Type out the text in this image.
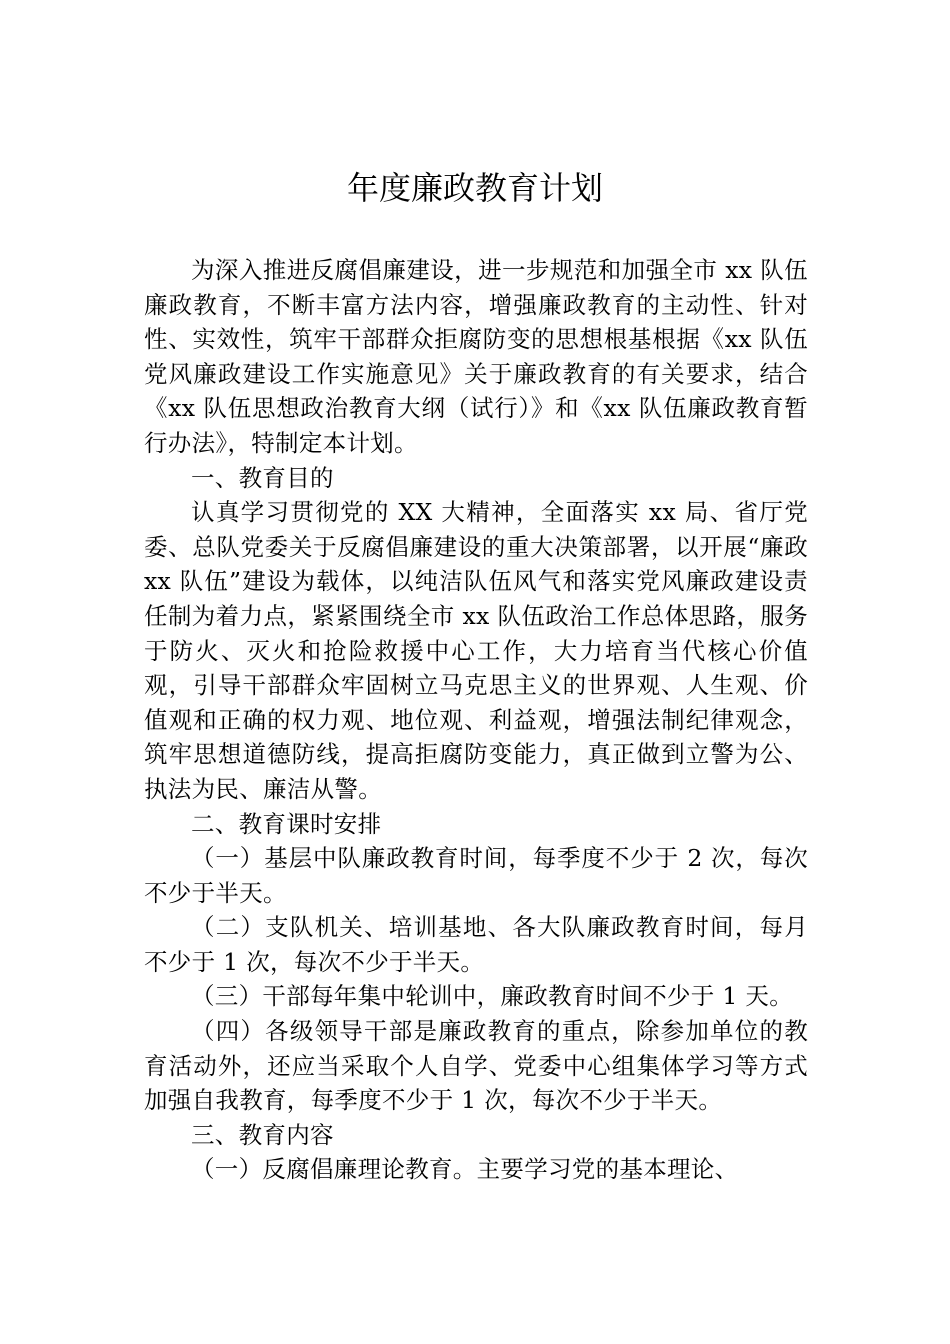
年度廉政教育计划

为深入推进反腐倡廉建设，进一步规范和加强全市 xx 队伍廉政教育，不断丰富方法内容，增强廉政教育的主动性、针对性、实效性，筑牢干部群众拒腐防变的思想根基根据《xx 队伍党风廉政建设工作实施意见》关于廉政教育的有关要求，结合《xx 队伍思想政治教育大纲（试行）》和《xx 队伍廉政教育暂行办法》，特制定本计划。

一、教育目的

认真学习贯彻党的 XX 大精神，全面落实 xx 局、省厅党委、总队党委关于反腐倡廉建设的重大决策部署，以开展“廉政 xx 队伍”建设为载体，以纯洁队伍风气和落实党风廉政建设责任制为着力点，紧紧围绕全市 xx 队伍政治工作总体思路，服务于防火、灭火和抢险救援中心工作，大力培育当代核心价值观，引导干部群众牢固树立马克思主义的世界观、人生观、价值观和正确的权力观、地位观、利益观，增强法制纪律观念，筑牢思想道德防线，提高拒腐防变能力，真正做到立警为公、执法为民、廉洁从警。

二、教育课时安排

（一）基层中队廉政教育时间，每季度不少于 2 次，每次不少于半天。

（二）支队机关、培训基地、各大队廉政教育时间，每月不少于 1 次，每次不少于半天。

（三）干部每年集中轮训中，廉政教育时间不少于 1 天。

（四）各级领导干部是廉政教育的重点，除参加单位的教育活动外，还应当采取个人自学、党委中心组集体学习等方式加强自我教育，每季度不少于 1 次，每次不少于半天。

三、教育内容

（一）反腐倡廉理论教育。主要学习党的基本理论、
